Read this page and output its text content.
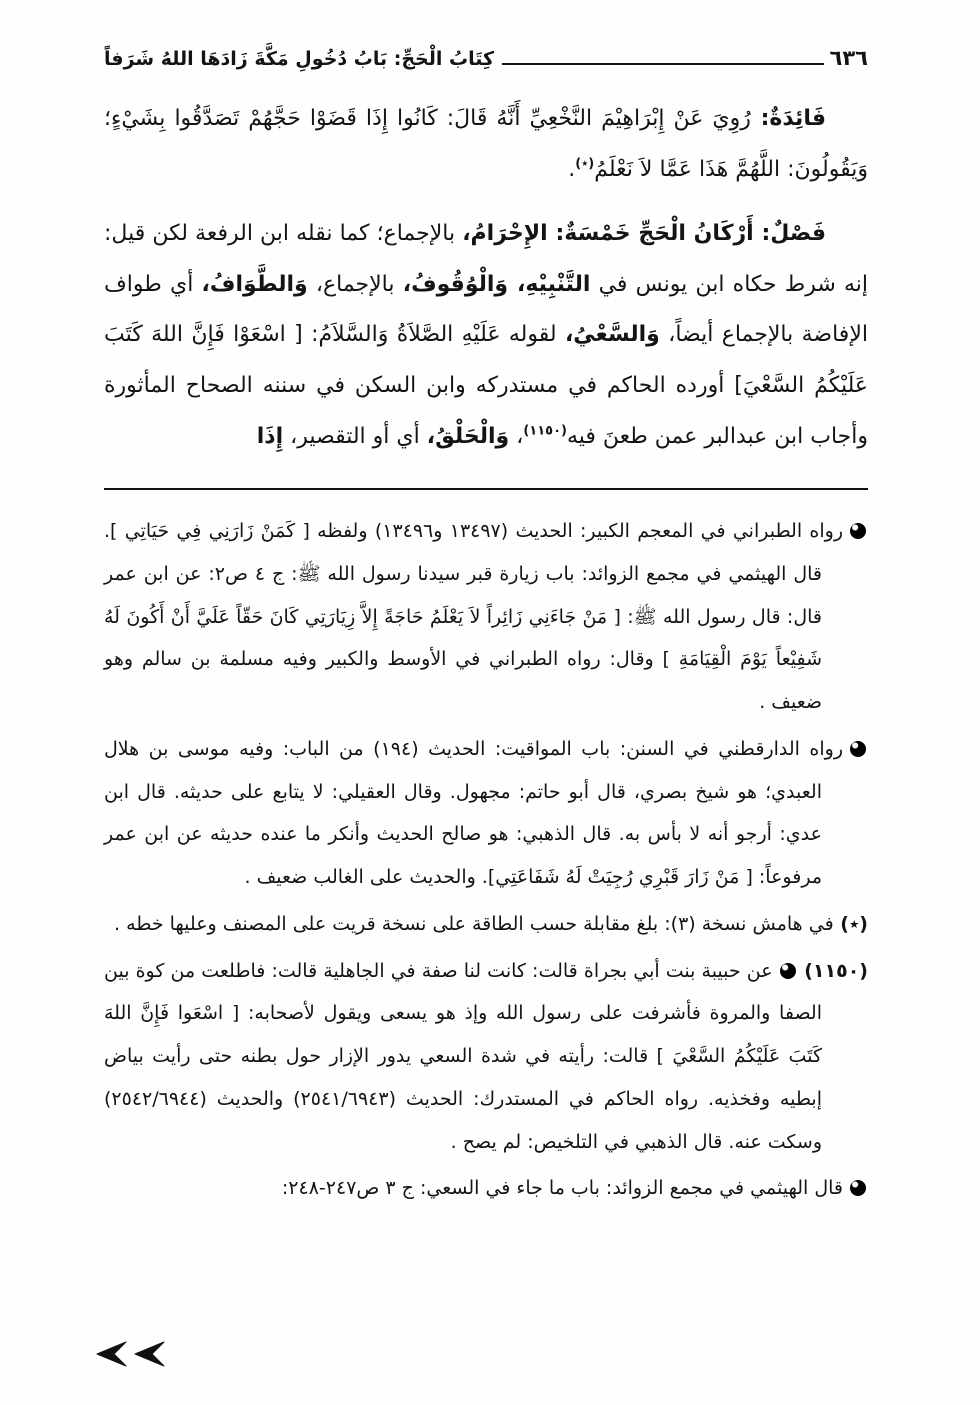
٦٣٦
كِتَابُ الْحَجِّ: بَابُ دُخُولِ مَكَّةَ زَادَهَا اللهُ شَرَفاً

فَائِدَةٌ: رُوِيَ عَنْ إِبْرَاهِيْمَ النَّخْعِيِّ أَنَّهُ قَالَ: كَانُوا إِذَا قَضَوْا حَجَّهُمْ تَصَدَّقُوا بِشَيْءٍ؛ وَيَقُولُونَ: اللَّهُمَّ هَذَا عَمَّا لاَ نَعْلَمُ(٭).

فَصْلٌ: أَرْكَانُ الْحَجِّ خَمْسَةٌ: الإِحْرَامُ، بالإجماع؛ كما نقله ابن الرفعة لكن قيل: إنه شرط حكاه ابن يونس في التَّنْبِيْهِ، وَالْوُقُوفُ، بالإجماع، وَالطَّوَافُ، أي طواف الإفاضة بالإجماع أيضاً، وَالسَّعْيُ، لقوله عَلَيْهِ الصَّلاَةُ وَالسَّلاَمُ: [ اسْعَوْا فَإِنَّ اللهَ كَتَبَ عَلَيْكُمُ السَّعْيَ] أورده الحاكم في مستدركه وابن السكن في سننه الصحاح المأثورة وأجاب ابن عبدالبر عمن طعنَ فيه$^{(١١٥٠)}$، وَالْحَلْقُ، أي أو التقصير، إِذَا

رواه الطبراني في المعجم الكبير: الحديث (١٣٤٩٧ و١٣٤٩٦) ولفظه [ كَمَنْ زَارَنِي فِي حَيَاتِي ]. قال الهيثمي في مجمع الزوائد: باب زيارة قبر سيدنا رسول الله ﷺ: ج ٤ ص٢: عن ابن عمر قال: قال رسول الله ﷺ: [ مَنْ جَاءَنِي زَائِراً لاَ يَعْلَمُ حَاجَةً إِلاَّ زِيَارَتِي كَانَ حَقّاً عَلَيَّ أَنْ أَكُونَ لَهُ شَفِيْعاً يَوْمَ الْقِيَامَةِ ] وقال: رواه الطبراني في الأوسط والكبير وفيه مسلمة بن سالم وهو ضعيف .
رواه الدارقطني في السنن: باب المواقيت: الحديث (١٩٤) من الباب: وفيه موسى بن هلال العبدي؛ هو شيخ بصري، قال أبو حاتم: مجهول. وقال العقيلي: لا يتابع على حديثه. قال ابن عدي: أرجو أنه لا بأس به. قال الذهبي: هو صالح الحديث وأنكر ما عنده حديثه عن ابن عمر مرفوعاً: [ مَنْ زَارَ قَبْرِي رُجِيَتْ لَهُ شَفَاعَتِي]. والحديث على الغالب ضعيف .
(٭) في هامش نسخة (٣): بلغ مقابلة حسب الطاقة على نسخة قريت على المصنف وعليها خطه .
(١١٥٠) عن حبيبة بنت أبي بجراة قالت: كانت لنا صفة في الجاهلية قالت: فاطلعت من كوة بين الصفا والمروة فأشرفت على رسول الله وإذ هو يسعى ويقول لأصحابه: [ اسْعَوا فَإِنَّ اللهَ كَتَبَ عَلَيْكُمُ السَّعْيَ ] قالت: رأيته في شدة السعي يدور الإزار حول بطنه حتى رأيت بياض إبطيه وفخذيه. رواه الحاكم في المستدرك: الحديث (٢٥٤١/٦٩٤٣) والحديث (٢٥٤٢/٦٩٤٤) وسكت عنه. قال الذهبي في التلخيص: لم يصح .
قال الهيثمي في مجمع الزوائد: باب ما جاء في السعي: ج ٣ ص٢٤٧-٢٤٨:
